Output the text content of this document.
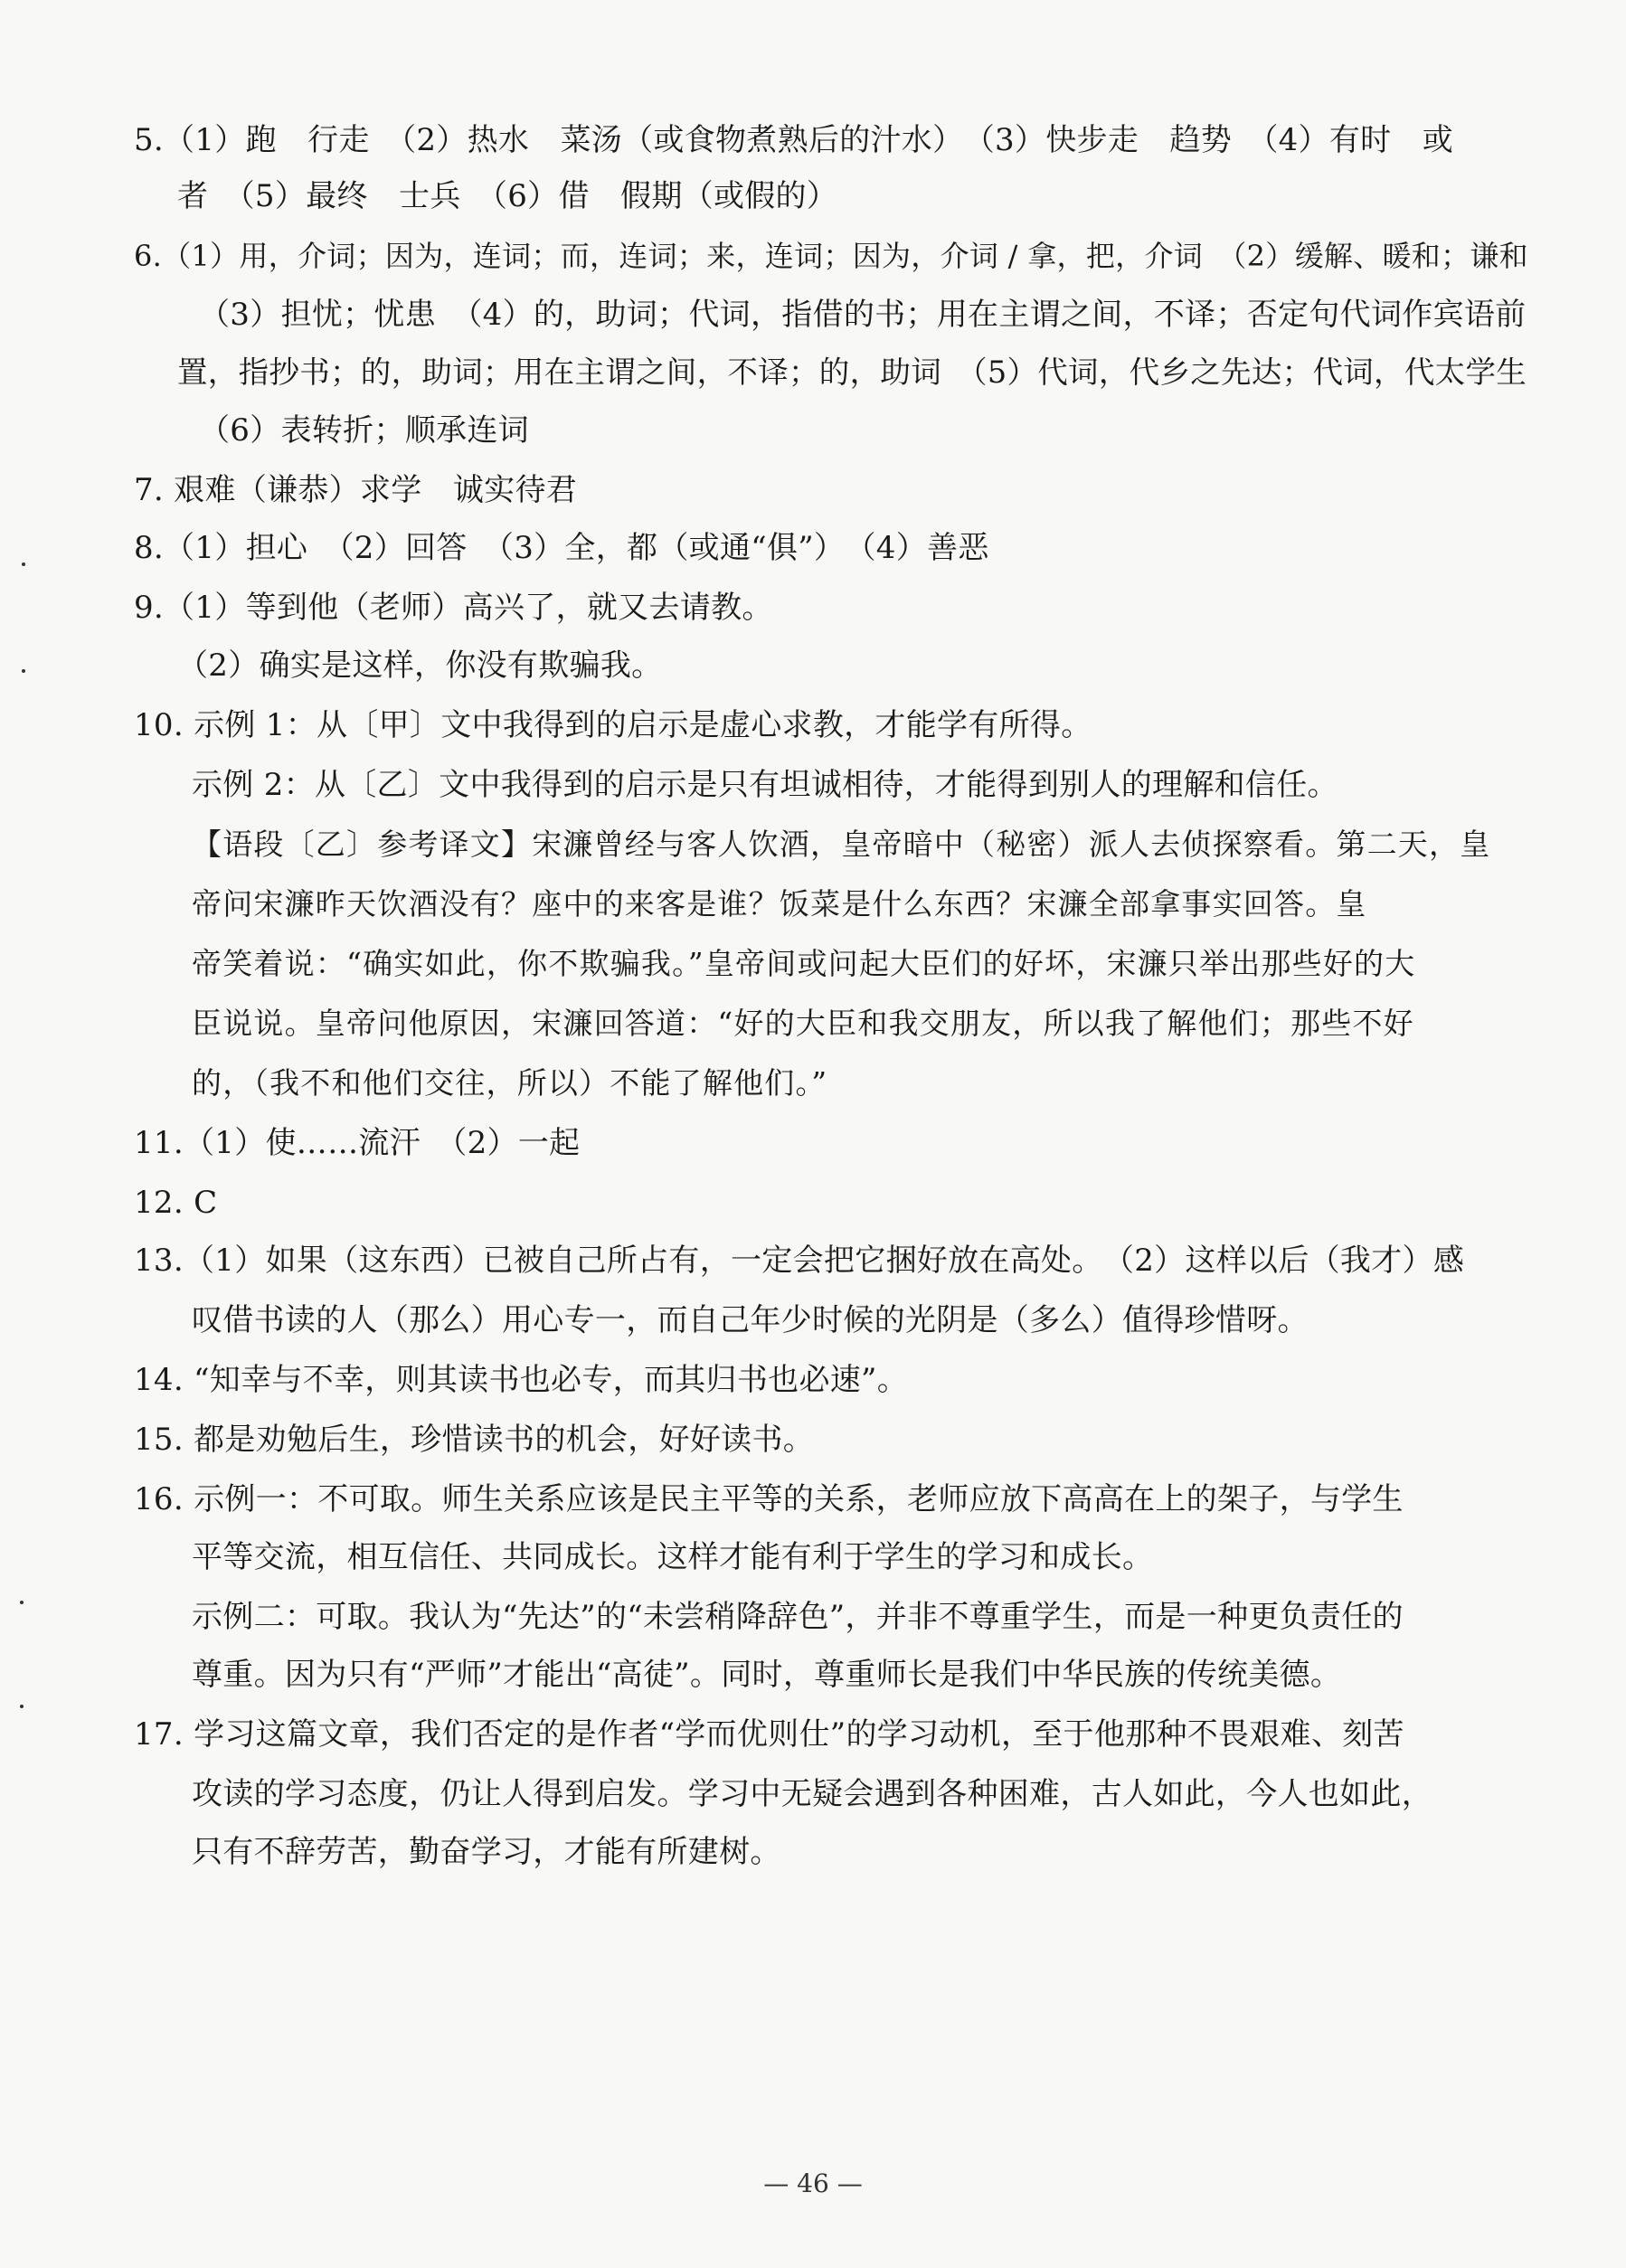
5.（1）跑　行走　（2）热水　菜汤（或食物煮熟后的汁水）　（3）快步走　趋势　（4）有时　或
者　（5）最终　士兵　（6）借　假期（或假的）
6.（1）用，介词；因为，连词；而，连词；来，连词；因为，介词 / 拿，把，介词　（2）缓解、暖和；谦和
（3）担忧；忧患　（4）的，助词；代词，指借的书；用在主谓之间，不译；否定句代词作宾语前
置，指抄书；的，助词；用在主谓之间，不译；的，助词　（5）代词，代乡之先达；代词，代太学生
（6）表转折；顺承连词
7. 艰难（谦恭）求学　诚实待君
8.（1）担心　（2）回答　（3）全，都（或通“俱”）　（4）善恶
9.（1）等到他（老师）高兴了，就又去请教。
（2）确实是这样，你没有欺骗我。
10. 示例 1：从〔甲〕文中我得到的启示是虚心求教，才能学有所得。
示例 2：从〔乙〕文中我得到的启示是只有坦诚相待，才能得到别人的理解和信任。
【语段〔乙〕参考译文】宋濂曾经与客人饮酒，皇帝暗中（秘密）派人去侦探察看。第二天，皇
帝问宋濂昨天饮酒没有？座中的来客是谁？饭菜是什么东西？宋濂全部拿事实回答。皇
帝笑着说：“确实如此，你不欺骗我。”皇帝间或问起大臣们的好坏，宋濂只举出那些好的大
臣说说。皇帝问他原因，宋濂回答道：“好的大臣和我交朋友，所以我了解他们；那些不好
的，（我不和他们交往，所以）不能了解他们。”
11.（1）使……流汗　（2）一起
12. C
13.（1）如果（这东西）已被自己所占有，一定会把它捆好放在高处。　（2）这样以后（我才）感
叹借书读的人（那么）用心专一，而自己年少时候的光阴是（多么）值得珍惜呀。
14. “知幸与不幸，则其读书也必专，而其归书也必速”。
15. 都是劝勉后生，珍惜读书的机会，好好读书。
16. 示例一：不可取。师生关系应该是民主平等的关系，老师应放下高高在上的架子，与学生
平等交流，相互信任、共同成长。这样才能有利于学生的学习和成长。
示例二：可取。我认为“先达”的“未尝稍降辞色”，并非不尊重学生，而是一种更负责任的
尊重。因为只有“严师”才能出“高徒”。同时，尊重师长是我们中华民族的传统美德。
17. 学习这篇文章，我们否定的是作者“学而优则仕”的学习动机，至于他那种不畏艰难、刻苦
攻读的学习态度，仍让人得到启发。学习中无疑会遇到各种困难，古人如此，今人也如此，
只有不辞劳苦，勤奋学习，才能有所建树。
— 46 —
